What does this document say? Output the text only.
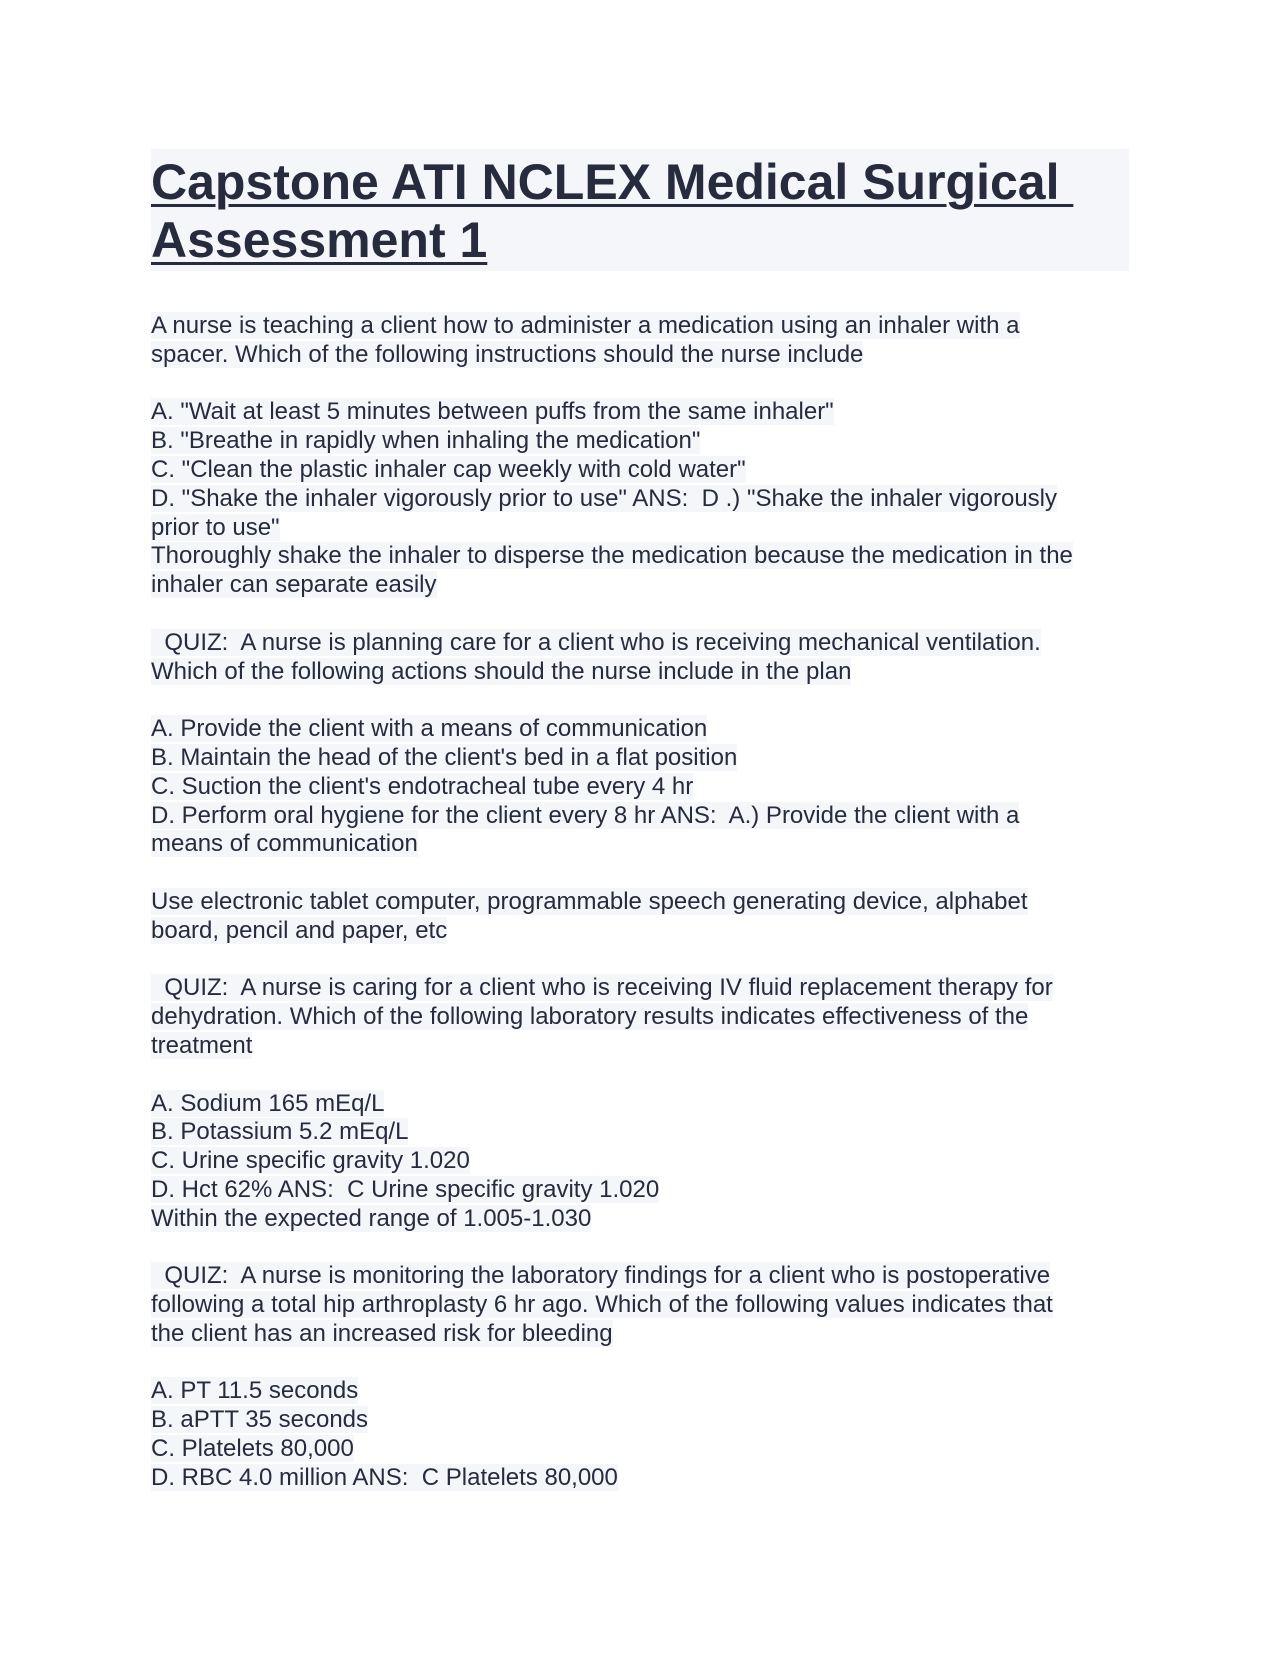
Capstone ATI NCLEX Medical Surgical
Assessment 1
A nurse is teaching a client how to administer a medication using an inhaler with a
spacer. Which of the following instructions should the nurse include
A. "Wait at least 5 minutes between puffs from the same inhaler"
B. "Breathe in rapidly when inhaling the medication"
C. "Clean the plastic inhaler cap weekly with cold water"
D. "Shake the inhaler vigorously prior to use" ANS:  D .) "Shake the inhaler vigorously
prior to use"
Thoroughly shake the inhaler to disperse the medication because the medication in the
inhaler can separate easily
QUIZ:  A nurse is planning care for a client who is receiving mechanical ventilation.
Which of the following actions should the nurse include in the plan
A. Provide the client with a means of communication
B. Maintain the head of the client's bed in a flat position
C. Suction the client's endotracheal tube every 4 hr
D. Perform oral hygiene for the client every 8 hr ANS:  A.) Provide the client with a
means of communication
Use electronic tablet computer, programmable speech generating device, alphabet
board, pencil and paper, etc
QUIZ:  A nurse is caring for a client who is receiving IV fluid replacement therapy for
dehydration. Which of the following laboratory results indicates effectiveness of the
treatment
A. Sodium 165 mEq/L
B. Potassium 5.2 mEq/L
C. Urine specific gravity 1.020
D. Hct 62% ANS:  C Urine specific gravity 1.020
Within the expected range of 1.005-1.030
QUIZ:  A nurse is monitoring the laboratory findings for a client who is postoperative
following a total hip arthroplasty 6 hr ago. Which of the following values indicates that
the client has an increased risk for bleeding
A. PT 11.5 seconds
B. aPTT 35 seconds
C. Platelets 80,000
D. RBC 4.0 million ANS:  C Platelets 80,000
